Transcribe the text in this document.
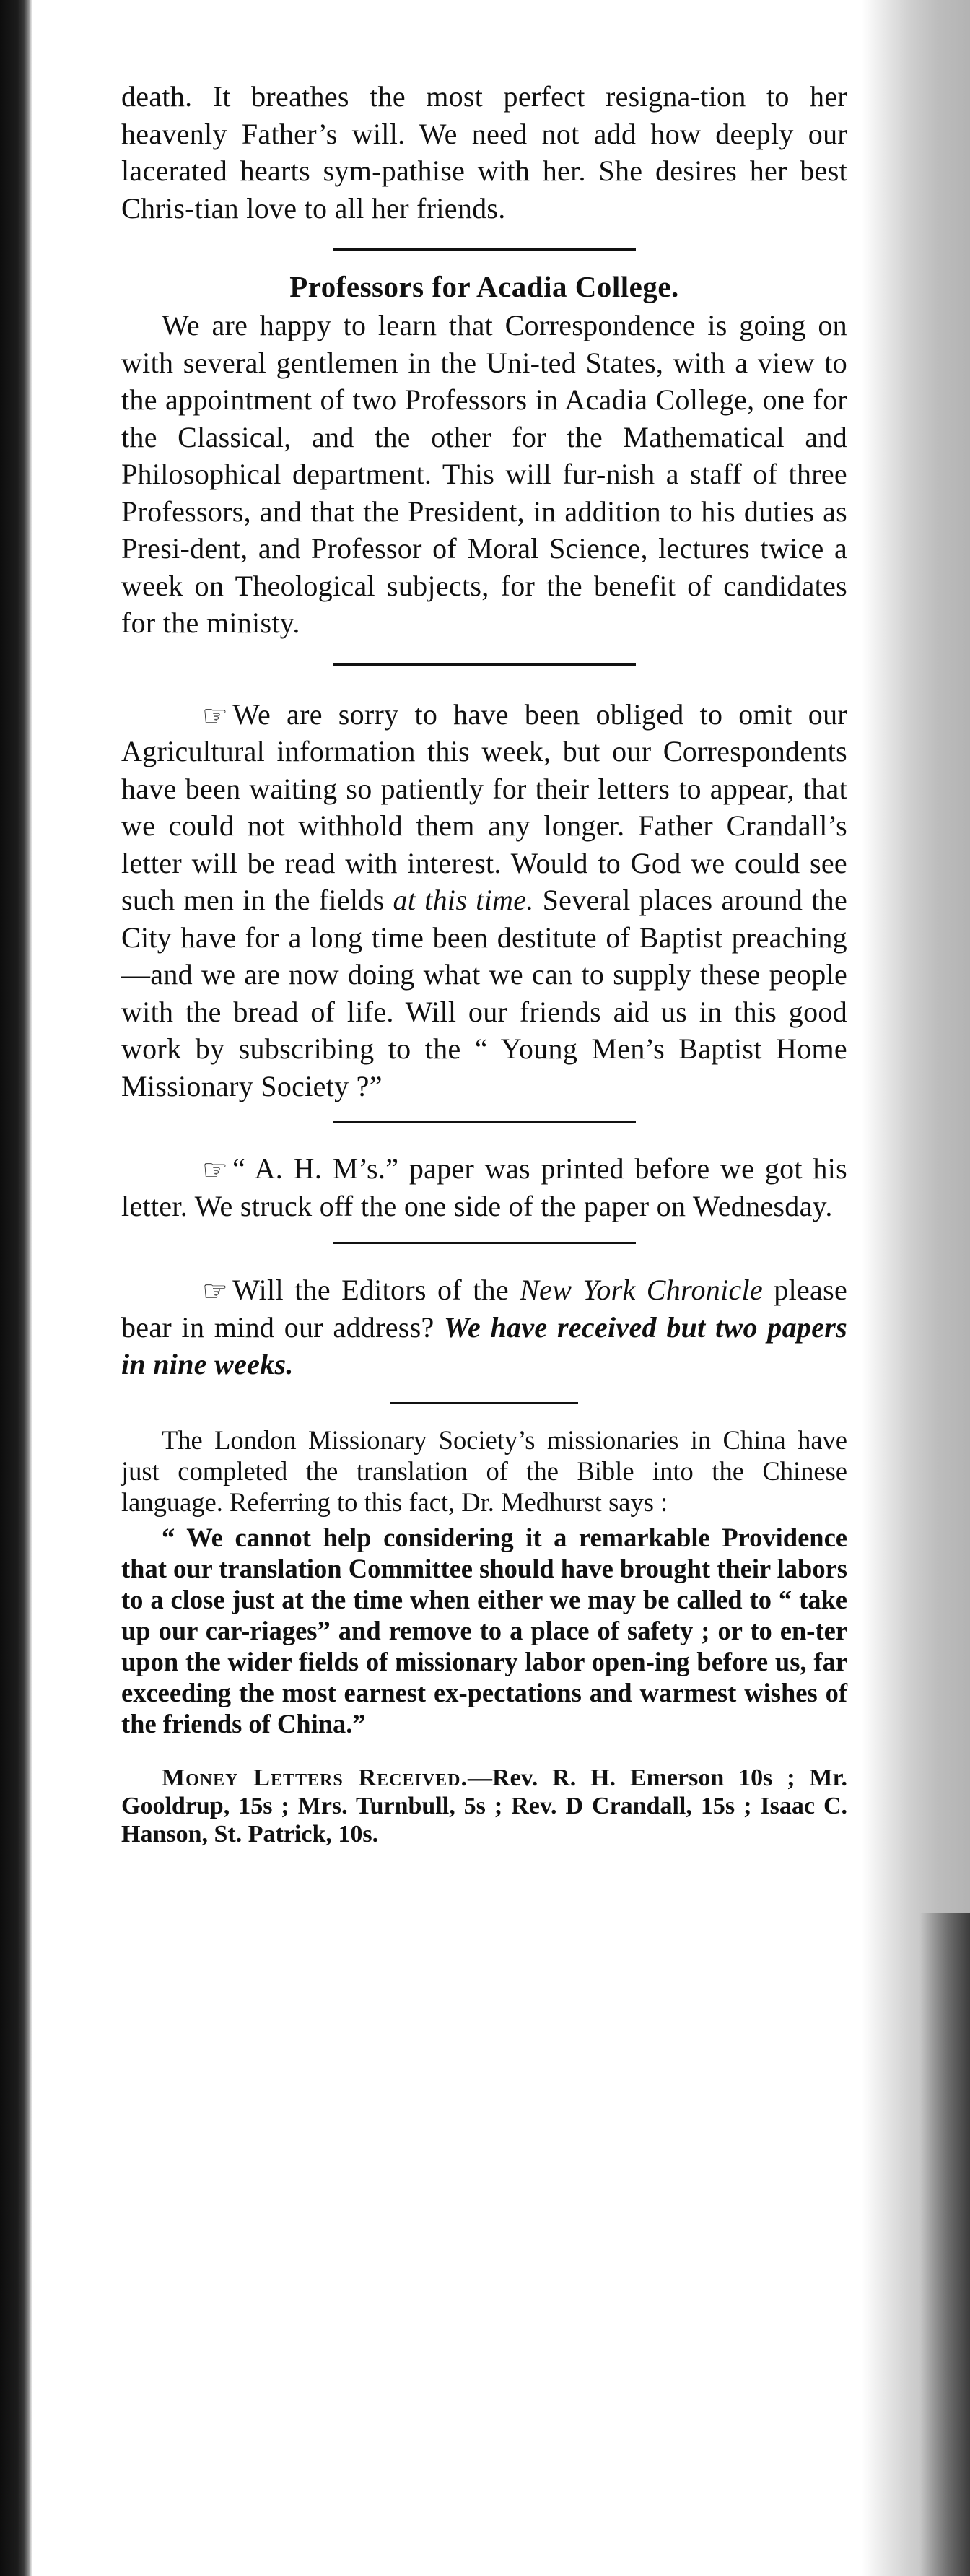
death. It breathes the most perfect resigna-tion to her heavenly Father’s will. We need not add how deeply our lacerated hearts sym-pathise with her. She desires her best Chris-tian love to all her friends.

Professors for Acadia College.

We are happy to learn that Correspondence is going on with several gentlemen in the Uni-ted States, with a view to the appointment of two Professors in Acadia College, one for the Classical, and the other for the Mathematical and Philosophical department. This will fur-nish a staff of three Professors, and that the President, in addition to his duties as Presi-dent, and Professor of Moral Science, lectures twice a week on Theological subjects, for the benefit of candidates for the ministy.

☞ We are sorry to have been obliged to omit our Agricultural information this week, but our Correspondents have been waiting so patiently for their letters to appear, that we could not withhold them any longer. Father Crandall’s letter will be read with interest. Would to God we could see such men in the fields at this time. Several places around the City have for a long time been destitute of Baptist preaching—and we are now doing what we can to supply these people with the bread of life. Will our friends aid us in this good work by subscribing to the “ Young Men’s Baptist Home Missionary Society ?”

☞ “ A. H. M’s.” paper was printed before we got his letter. We struck off the one side of the paper on Wednesday.

☞ Will the Editors of the New York Chronicle please bear in mind our address? We have received but two papers in nine weeks.

The London Missionary Society’s missionaries in China have just completed the translation of the Bible into the Chinese language. Referring to this fact, Dr. Medhurst says :

“ We cannot help considering it a remarkable Providence that our translation Committee should have brought their labors to a close just at the time when either we may be called to “ take up our car-riages” and remove to a place of safety ; or to en-ter upon the wider fields of missionary labor open-ing before us, far exceeding the most earnest ex-pectations and warmest wishes of the friends of China.”

Money Letters Received.—Rev. R. H. Emerson 10s ; Mr. Gooldrup, 15s ; Mrs. Turnbull, 5s ; Rev. D Crandall, 15s ; Isaac C. Hanson, St. Patrick, 10s.
